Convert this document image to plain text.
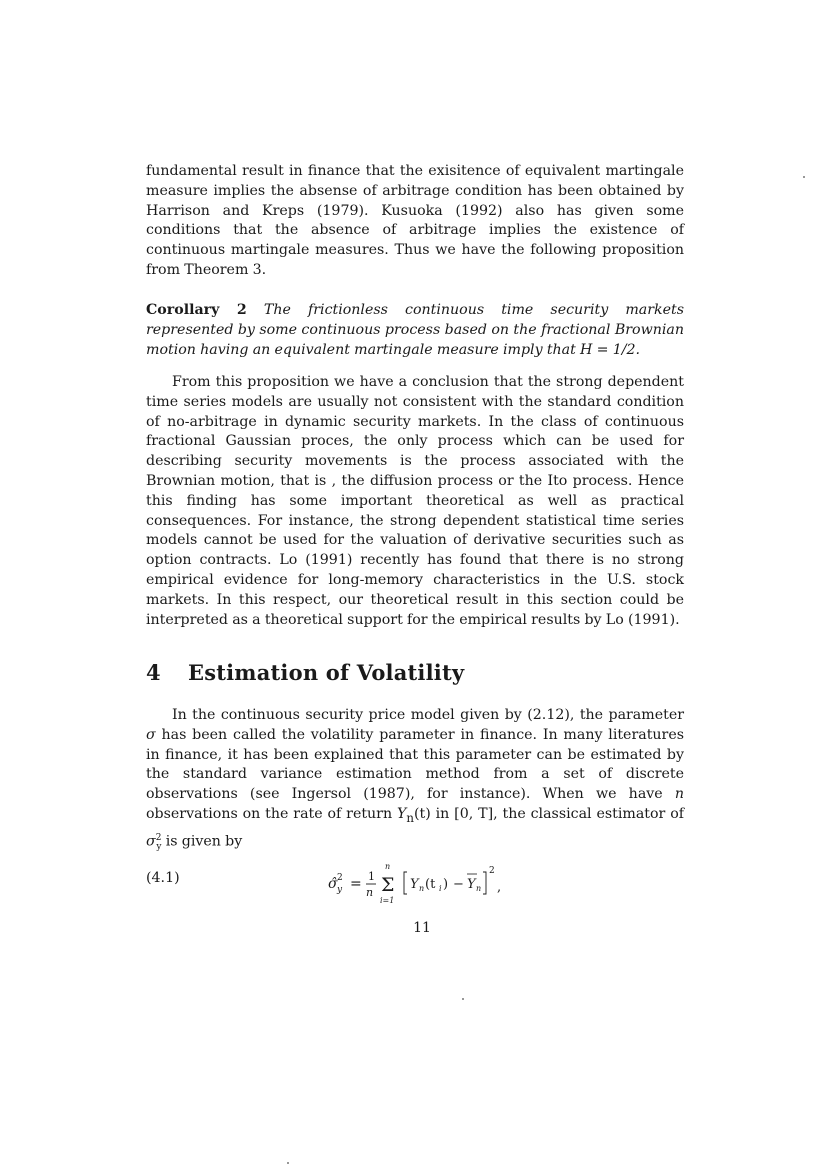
fundamental result in finance that the exisitence of equivalent martingale measure implies the absense of arbitrage condition has been obtained by Harrison and Kreps (1979). Kusuoka (1992) also has given some conditions that the absence of arbitrage implies the existence of continuous martingale measures. Thus we have the following proposition from Theorem 3.
Corollary 2 The frictionless continuous time security markets represented by some continuous process based on the fractional Brownian motion having an equivalent martingale measure imply that H = 1/2.
From this proposition we have a conclusion that the strong dependent time series models are usually not consistent with the standard condition of no-arbitrage in dynamic security markets. In the class of continuous fractional Gaussian proces, the only process which can be used for describing security movements is the process associated with the Brownian motion, that is , the diffusion process or the Ito process. Hence this finding has some important theoretical as well as practical consequences. For instance, the strong dependent statistical time series models cannot be used for the valuation of derivative securities such as option contracts. Lo (1991) recently has found that there is no strong empirical evidence for long-memory characteristics in the U.S. stock markets. In this respect, our theoretical result in this section could be interpreted as a theoretical support for the empirical results by Lo (1991).
4 Estimation of Volatility
In the continuous security price model given by (2.12), the parameter σ has been called the volatility parameter in finance. In many literatures in finance, it has been explained that this parameter can be estimated by the standard variance estimation method from a set of discrete observations (see Ingersol (1987), for instance). When we have n observations on the rate of return $Y_n(t)$ in [0, T], the classical estimator of $\sigma^2_y$ is given by
(4.1)	σ̂ 2
y = 1
n
n
Σ
i=1
Y n (t i ) − Y n
2
,
11
